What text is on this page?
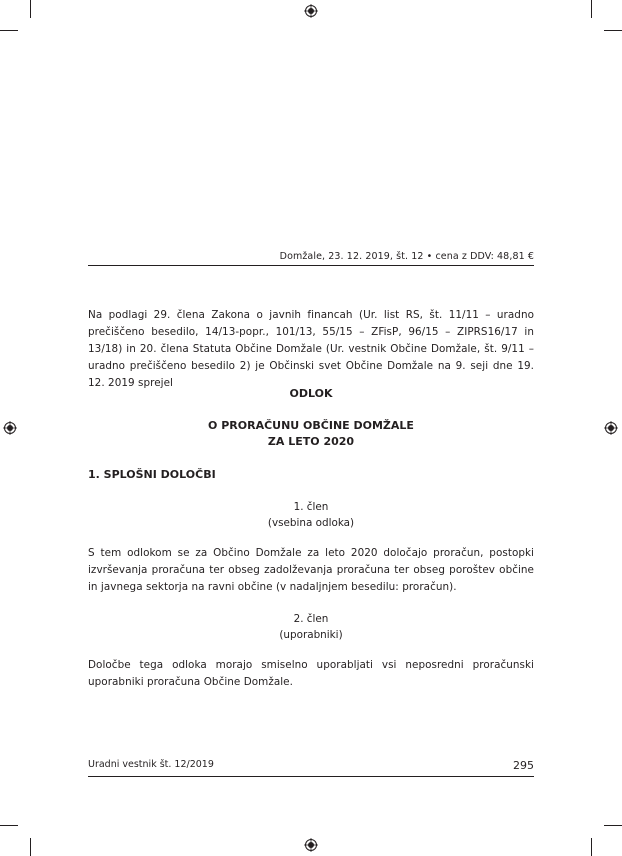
Domžale, 23. 12. 2019, št. 12 • cena z DDV: 48,81 €

Na podlagi 29. člena Zakona o javnih financah (Ur. list RS, št. 11/11 – uradno prečiščeno besedilo, 14/13-popr., 101/13, 55/15 – ZFisP, 96/15 – ZIPRS16/17 in 13/18) in 20. člena Statuta Občine Domžale (Ur. vestnik Občine Domžale, št. 9/11 – uradno prečiščeno besedilo 2) je Občinski svet Občine Domžale na 9. seji dne 19. 12. 2019 sprejel

ODLOK

O PRORAČUNU OBČINE DOMŽALE

ZA LETO 2020

1. SPLOŠNI DOLOČBI

1. člen

(vsebina odloka)

S tem odlokom se za Občino Domžale za leto 2020 določajo proračun, postopki izvrševanja proračuna ter obseg zadolževanja proračuna ter obseg poroštev občine in javnega sektorja na ravni občine (v nadaljnjem besedilu: proračun).

2. člen

(uporabniki)

Določbe tega odloka morajo smiselno uporabljati vsi neposredni proračunski uporabniki proračuna Občine Domžale.

Uradni vestnik št. 12/2019	295
